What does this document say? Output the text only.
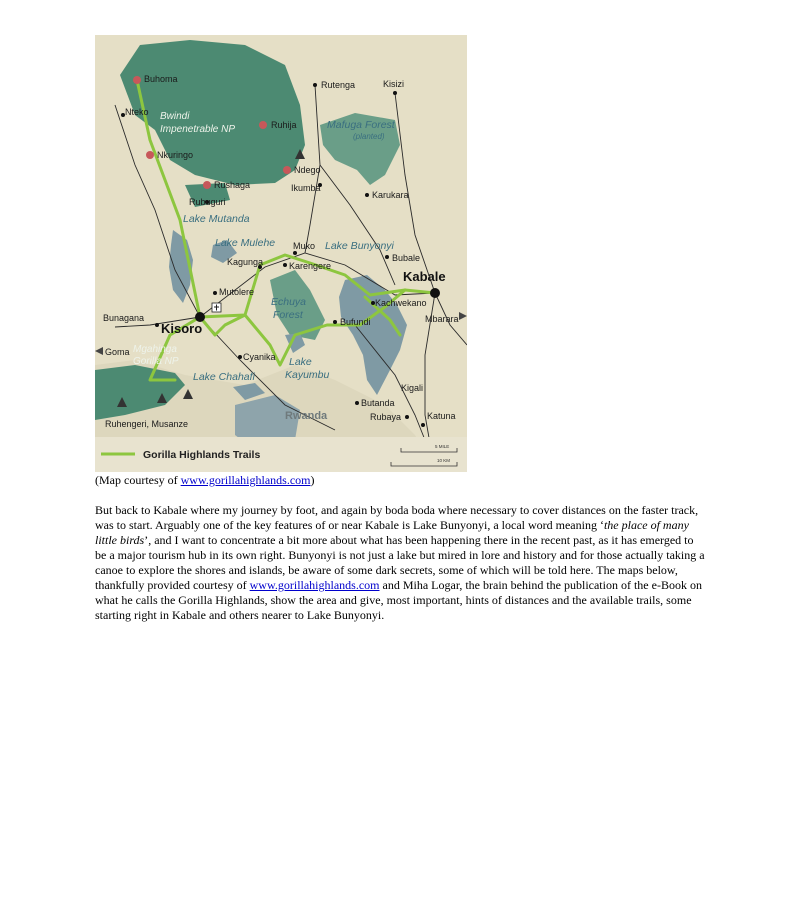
Bwindi
Impenetrable NP	Mafuga Forest
(planted)
Echuya
Forest
Mgahinga
Gorilla NP
Rwanda
Lake Mutanda
Lake Mulehe	Lake Bunyonyi
Lake Chahafi
Lake
Kayumbu
Kisoro
Kabale
Buhoma
Nteko
Ruhija
Nkuringo
Rushaga
Rubuguri
Rutenga	Kisizi
Ndego
Ikumba
Karukara
Muko
Bubale
Kagunga	Karengere
Mutolere
Bunagana
Kachwekano
Mbarara
Bufundi
Goma	Cyanika
Kigali
Butanda
Rubaya	Katuna
Ruhengeri, Musanze
Gorilla Highlands Trails
5 MILE
10 KM
(Map courtesy of www.gorillahighlands.com)
But back to Kabale where my journey by foot, and again by boda boda where necessary to cover distances on the faster track, was to start. Arguably one of the key features of or near Kabale is Lake Bunyonyi, a local word meaning ‘the place of many little birds’, and I want to concentrate a bit more about what has been happening there in the recent past, as it has emerged to be a major tourism hub in its own right. Bunyonyi is not just a lake but mired in lore and history and for those actually taking a canoe to explore the shores and islands, be aware of some dark secrets, some of which will be told here. The maps below, thankfully provided courtesy of www.gorillahighlands.com and Miha Logar, the brain behind the publication of the e-Book on what he calls the Gorilla Highlands, show the area and give, most important, hints of distances and the available trails, some starting right in Kabale and others nearer to Lake Bunyonyi.
